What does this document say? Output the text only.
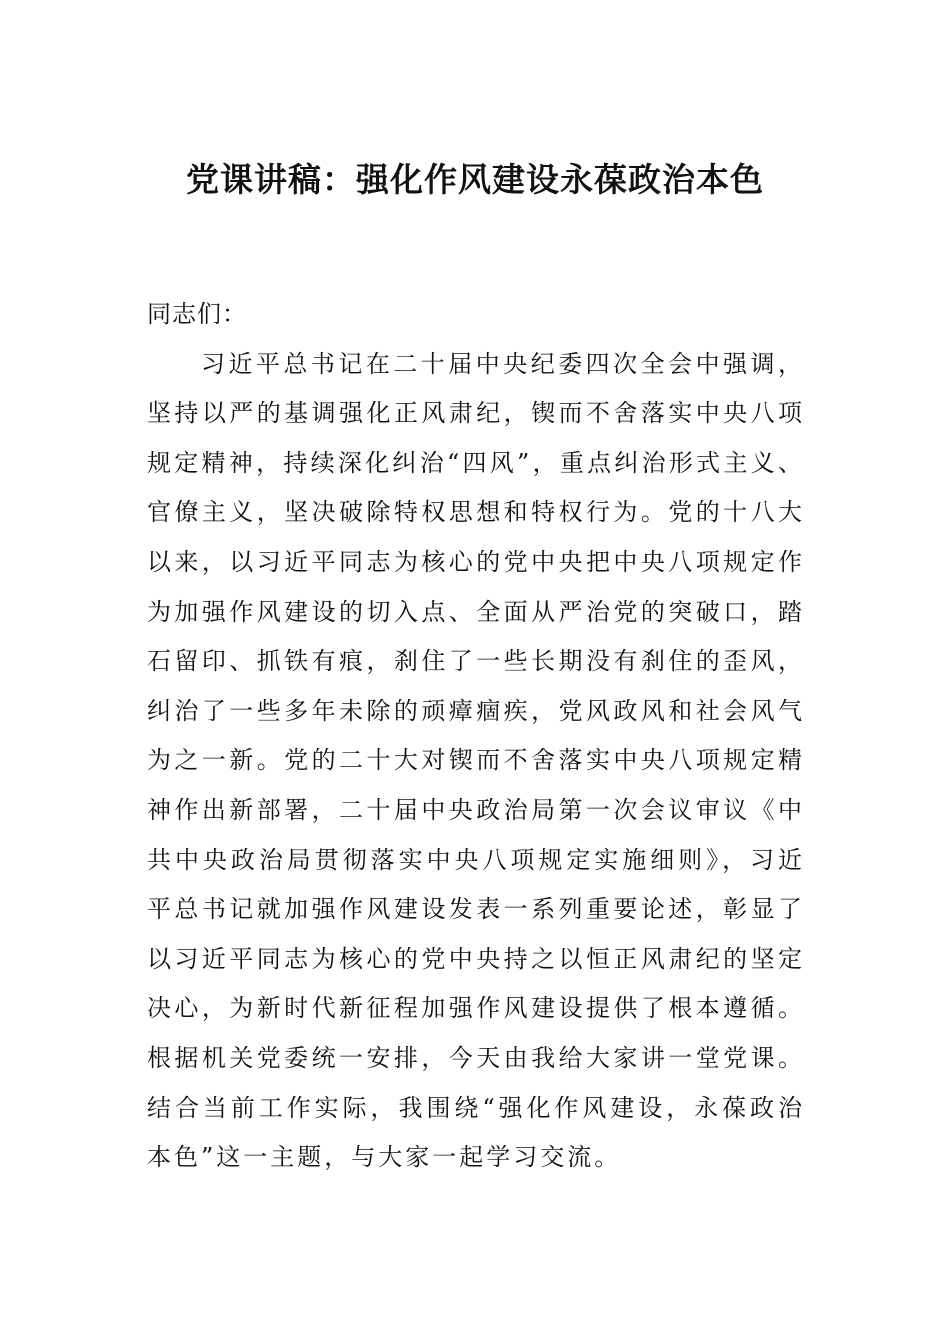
党课讲稿：强化作风建设永葆政治本色

同志们：

习近平总书记在二十届中央纪委四次全会中强调，坚持以严的基调强化正风肃纪，锲而不舍落实中央八项规定精神，持续深化纠治“四风”，重点纠治形式主义、官僚主义，坚决破除特权思想和特权行为。党的十八大以来，以习近平同志为核心的党中央把中央八项规定作为加强作风建设的切入点、全面从严治党的突破口，踏石留印、抓铁有痕，刹住了一些长期没有刹住的歪风，纠治了一些多年未除的顽瘴痼疾，党风政风和社会风气为之一新。党的二十大对锲而不舍落实中央八项规定精神作出新部署，二十届中央政治局第一次会议审议《中共中央政治局贯彻落实中央八项规定实施细则》，习近平总书记就加强作风建设发表一系列重要论述，彰显了以习近平同志为核心的党中央持之以恒正风肃纪的坚定决心，为新时代新征程加强作风建设提供了根本遵循。根据机关党委统一安排，今天由我给大家讲一堂党课。结合当前工作实际，我围绕“强化作风建设，永葆政治本色”这一主题，与大家一起学习交流。
